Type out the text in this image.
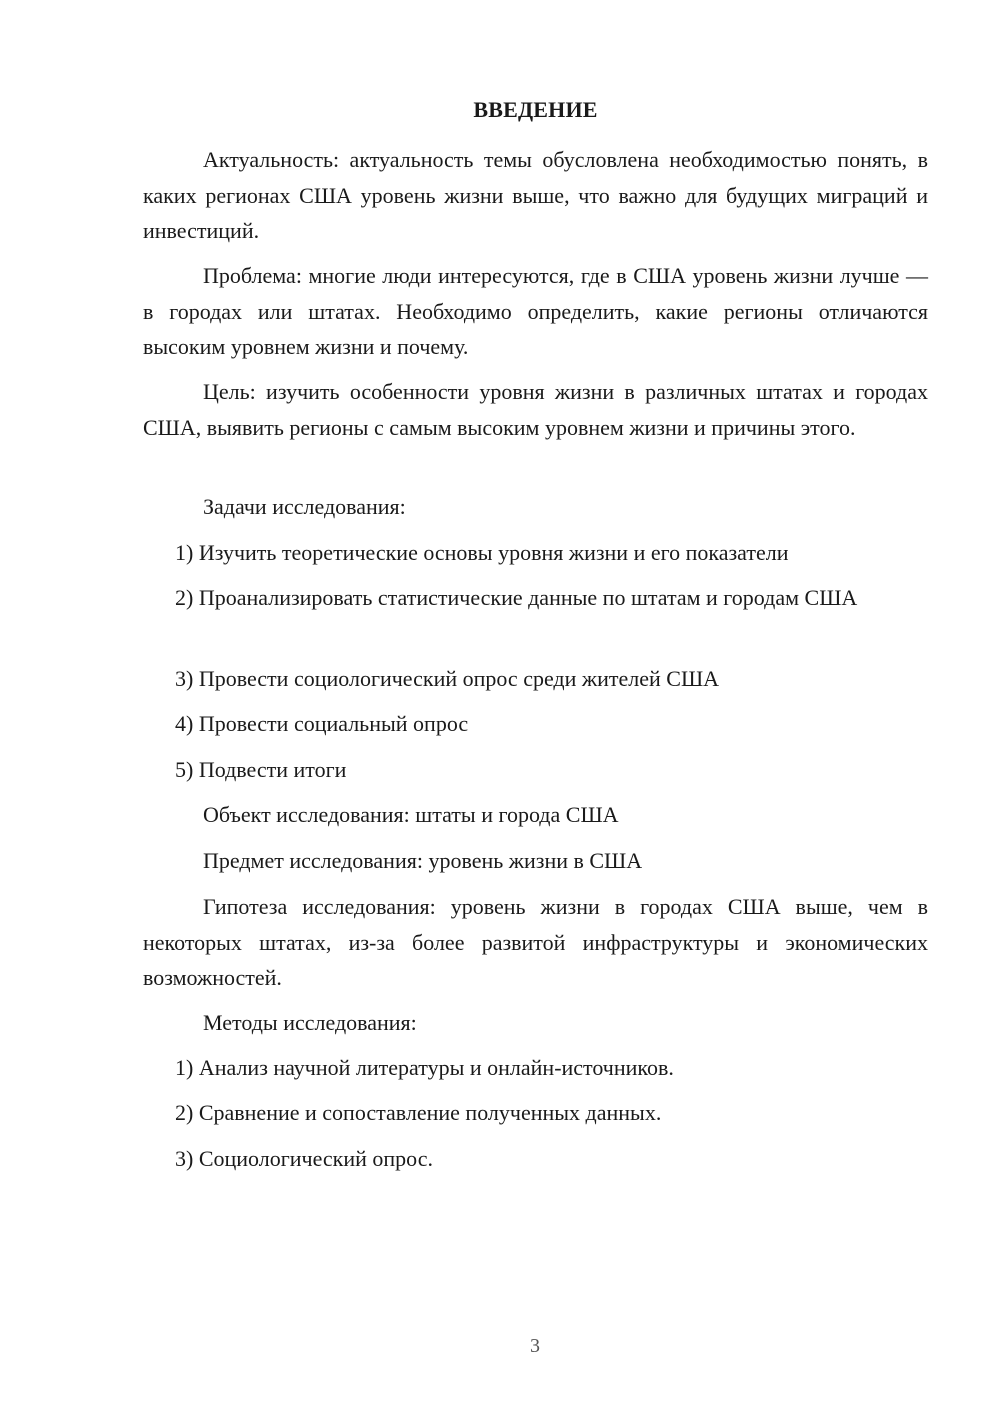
ВВЕДЕНИЕ

Актуальность: актуальность темы обусловлена необходимостью понять, в каких регионах США уровень жизни выше, что важно для будущих миграций и инвестиций.

Проблема: многие люди интересуются, где в США уровень жизни лучше — в городах или штатах. Необходимо определить, какие регионы отличаются высоким уровнем жизни и почему.

Цель: изучить особенности уровня жизни в различных штатах и городах США, выявить регионы с самым высоким уровнем жизни и причины этого.

Задачи исследования:

1) Изучить теоретические основы уровня жизни и его показатели

2) Проанализировать статистические данные по штатам и городам США

3) Провести социологический опрос среди жителей США

4) Провести социальный опрос

5) Подвести итоги

Объект исследования: штаты и города США

Предмет исследования: уровень жизни в США

Гипотеза исследования: уровень жизни в городах США выше, чем в некоторых штатах, из-за более развитой инфраструктуры и экономических возможностей.

Методы исследования:

1) Анализ научной литературы и онлайн-источников.

2) Сравнение и сопоставление полученных данных.

3) Социологический опрос.

3
